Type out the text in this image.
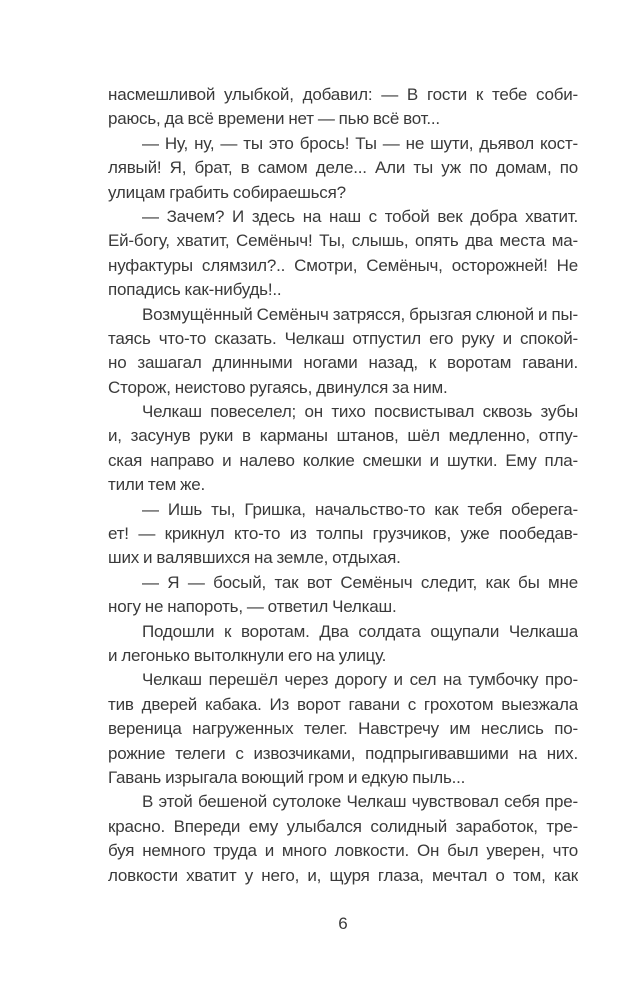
насмешливой улыбкой, добавил: — В гости к тебе соби-
раюсь, да всё времени нет — пью всё вот...
— Ну, ну, — ты это брось! Ты — не шути, дьявол кост-
лявый! Я, брат, в самом деле... Али ты уж по домам, по
улицам грабить собираешься?
— Зачем? И здесь на наш с тобой век добра хватит.
Ей-богу, хватит, Семёныч! Ты, слышь, опять два места ма-
нуфактуры слямзил?.. Смотри, Семёныч, осторожней! Не
попадись как-нибудь!..
Возмущённый Семёныч затрясся, брызгая слюной и пы-
таясь что-то сказать. Челкаш отпустил его руку и спокой-
но зашагал длинными ногами назад, к воротам гавани.
Сторож, неистово ругаясь, двинулся за ним.
Челкаш повеселел; он тихо посвистывал сквозь зубы
и, засунув руки в карманы штанов, шёл медленно, отпу-
ская направо и налево колкие смешки и шутки. Ему пла-
тили тем же.
— Ишь ты, Гришка, начальство-то как тебя оберега-
ет! — крикнул кто-то из толпы грузчиков, уже пообедав-
ших и валявшихся на земле, отдыхая.
— Я — босый, так вот Семёныч следит, как бы мне
ногу не напороть, — ответил Челкаш.
Подошли к воротам. Два солдата ощупали Челкаша
и легонько вытолкнули его на улицу.
Челкаш перешёл через дорогу и сел на тумбочку про-
тив дверей кабака. Из ворот гавани с грохотом выезжала
вереница нагруженных телег. Навстречу им неслись по-
рожние телеги с извозчиками, подпрыгивавшими на них.
Гавань изрыгала воющий гром и едкую пыль...
В этой бешеной сутолоке Челкаш чувствовал себя пре-
красно. Впереди ему улыбался солидный заработок, тре-
буя немного труда и много ловкости. Он был уверен, что
ловкости хватит у него, и, щуря глаза, мечтал о том, как
6
